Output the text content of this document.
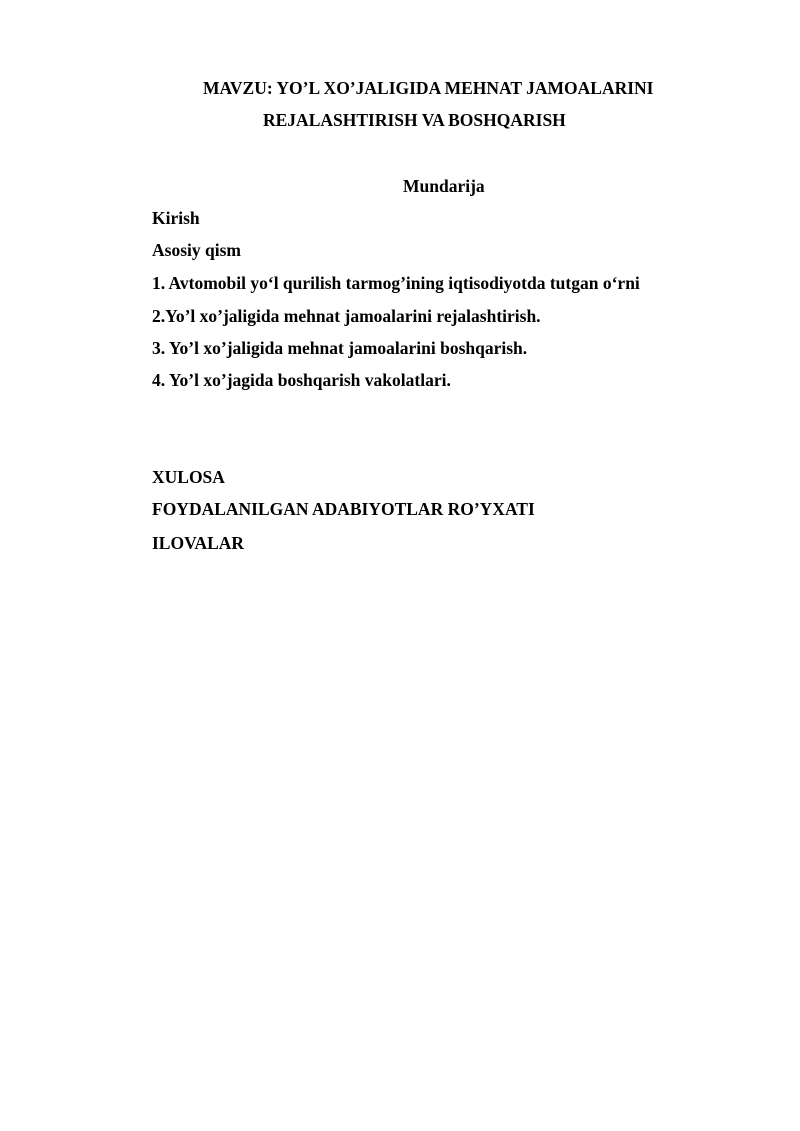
MAVZU: YO’L XO’JALIGIDA MEHNAT JAMOALARINI
REJALASHTIRISH VA BOSHQARISH
Mundarija
Kirish
Asosiy qism
1. Avtomobil yo‘l qurilish tarmog’ining iqtisodiyotda tutgan o‘rni
2.Yo’l xo’jaligida mehnat jamoalarini rejalashtirish.
3. Yo’l xo’jaligida mehnat jamoalarini boshqarish.
4. Yo’l xo’jagida boshqarish vakolatlari.
XULOSA
FOYDALANILGAN ADABIYOTLAR RO’YXATI
ILOVALAR
